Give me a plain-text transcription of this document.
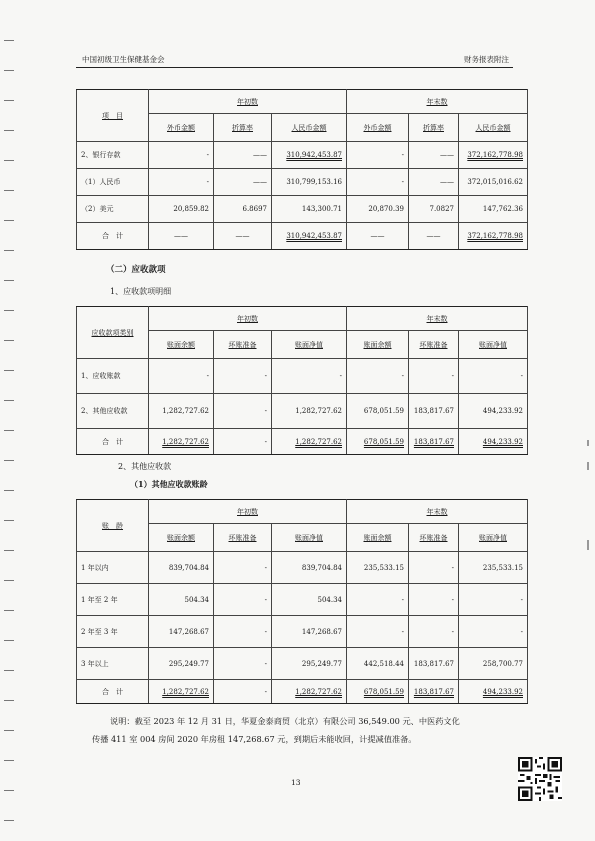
中国初级卫生保健基金会	财务报表附注
项　目	年初数			年末数		
	外币金额	折算率	人民币金额	外币金额	折算率	人民币金额
2、银行存款	-	——	310,942,453.87	-	——	372,162,778.98
（1）人民币	-	——	310,799,153.16	-	——	372,015,016.62
（2）美元	20,859.82	6.8697	143,300.71	20,870.39	7.0827	147,762.36
合　计	——	——	310,942,453.87	——	——	372,162,778.98
（二）应收款项
1、应收款项明细
应收款项类别	年初数			年末数		
	账面余额	坏账准备	账面净值	账面余额	坏账准备	账面净值
1、应收账款	-	-	-	-	-	-
2、其他应收款	1,282,727.62	-	1,282,727.62	678,051.59	183,817.67	494,233.92
合　计	1,282,727.62	-	1,282,727.62	678,051.59	183,817.67	494,233.92
2、其他应收款
（1）其他应收款账龄
账　龄	年初数			年末数		
	账面余额	坏账准备	账面净值	账面余额	坏账准备	账面净值
1 年以内	839,704.84	-	839,704.84	235,533.15	-	235,533.15
1 年至 2 年	504.34	-	504.34	-	-	-
2 年至 3 年	147,268.67	-	147,268.67	-	-	-
3 年以上	295,249.77	-	295,249.77	442,518.44	183,817.67	258,700.77
合　计	1,282,727.62	-	1,282,727.62	678,051.59	183,817.67	494,233.92
说明：截至 2023 年 12 月 31 日，华夏金泰商贸（北京）有限公司 36,549.00 元、中医药文化
传播 411 室 004 房间 2020 年房租 147,268.67 元，到期后未能收回，计提减值准备。
13
